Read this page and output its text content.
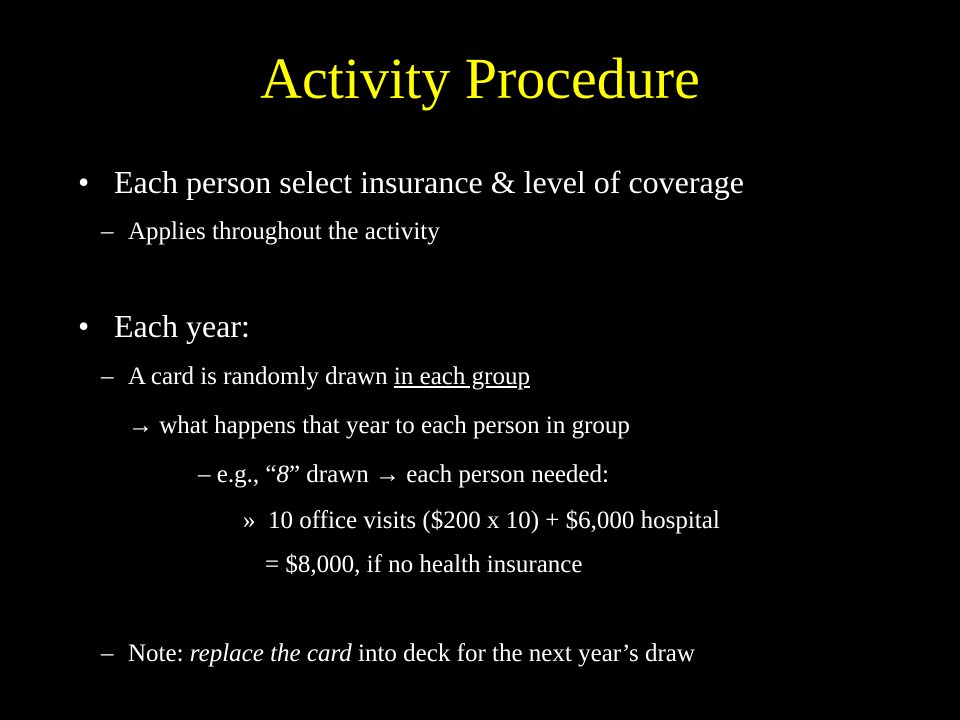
Activity Procedure
• Each person select insurance & level of coverage
– Applies throughout the activity
• Each year:
– A card is randomly drawn in each group
→ what happens that year to each person in group
– e.g., “8” drawn → each person needed:
» 10 office visits ($200 x 10) + $6,000 hospital
= $8,000, if no health insurance
– Note: replace the card into deck for the next year’s draw
